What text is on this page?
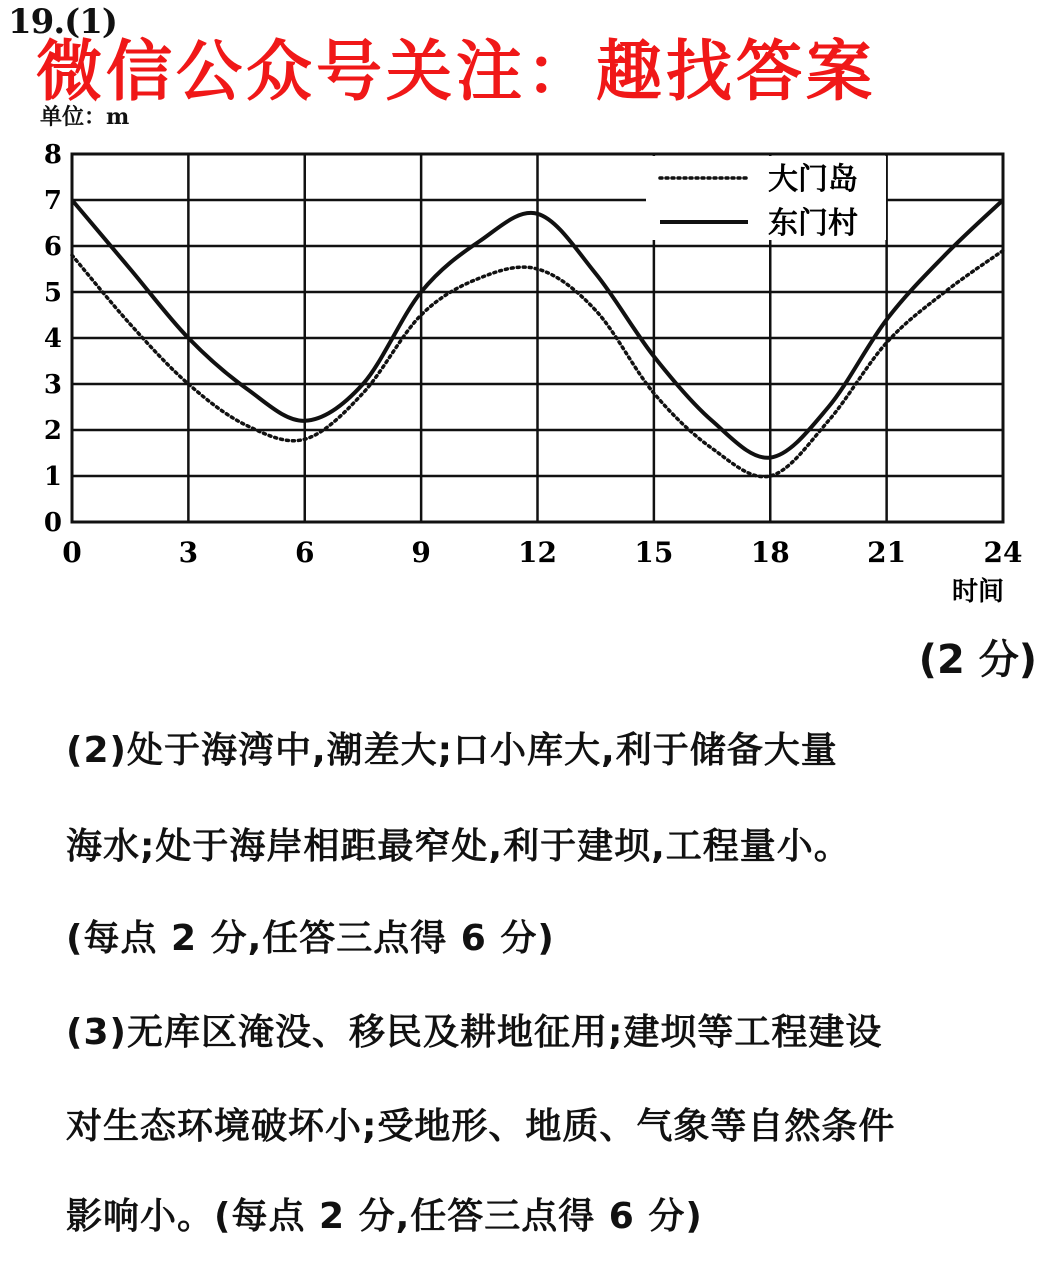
19.(1)
微信公众号关注：趣找答案
单位：m
0
1
2
3
4
5
6
7
8
0	3	6	9	12	15	18	21	24
时间
大门岛
东门村
(2 分)
(2)处于海湾中,潮差大;口小库大,利于储备大量
海水;处于海岸相距最窄处,利于建坝,工程量小。
(每点 2 分,任答三点得 6 分)
(3)无库区淹没、移民及耕地征用;建坝等工程建设
对生态环境破坏小;受地形、地质、气象等自然条件
影响小。(每点 2 分,任答三点得 6 分)
